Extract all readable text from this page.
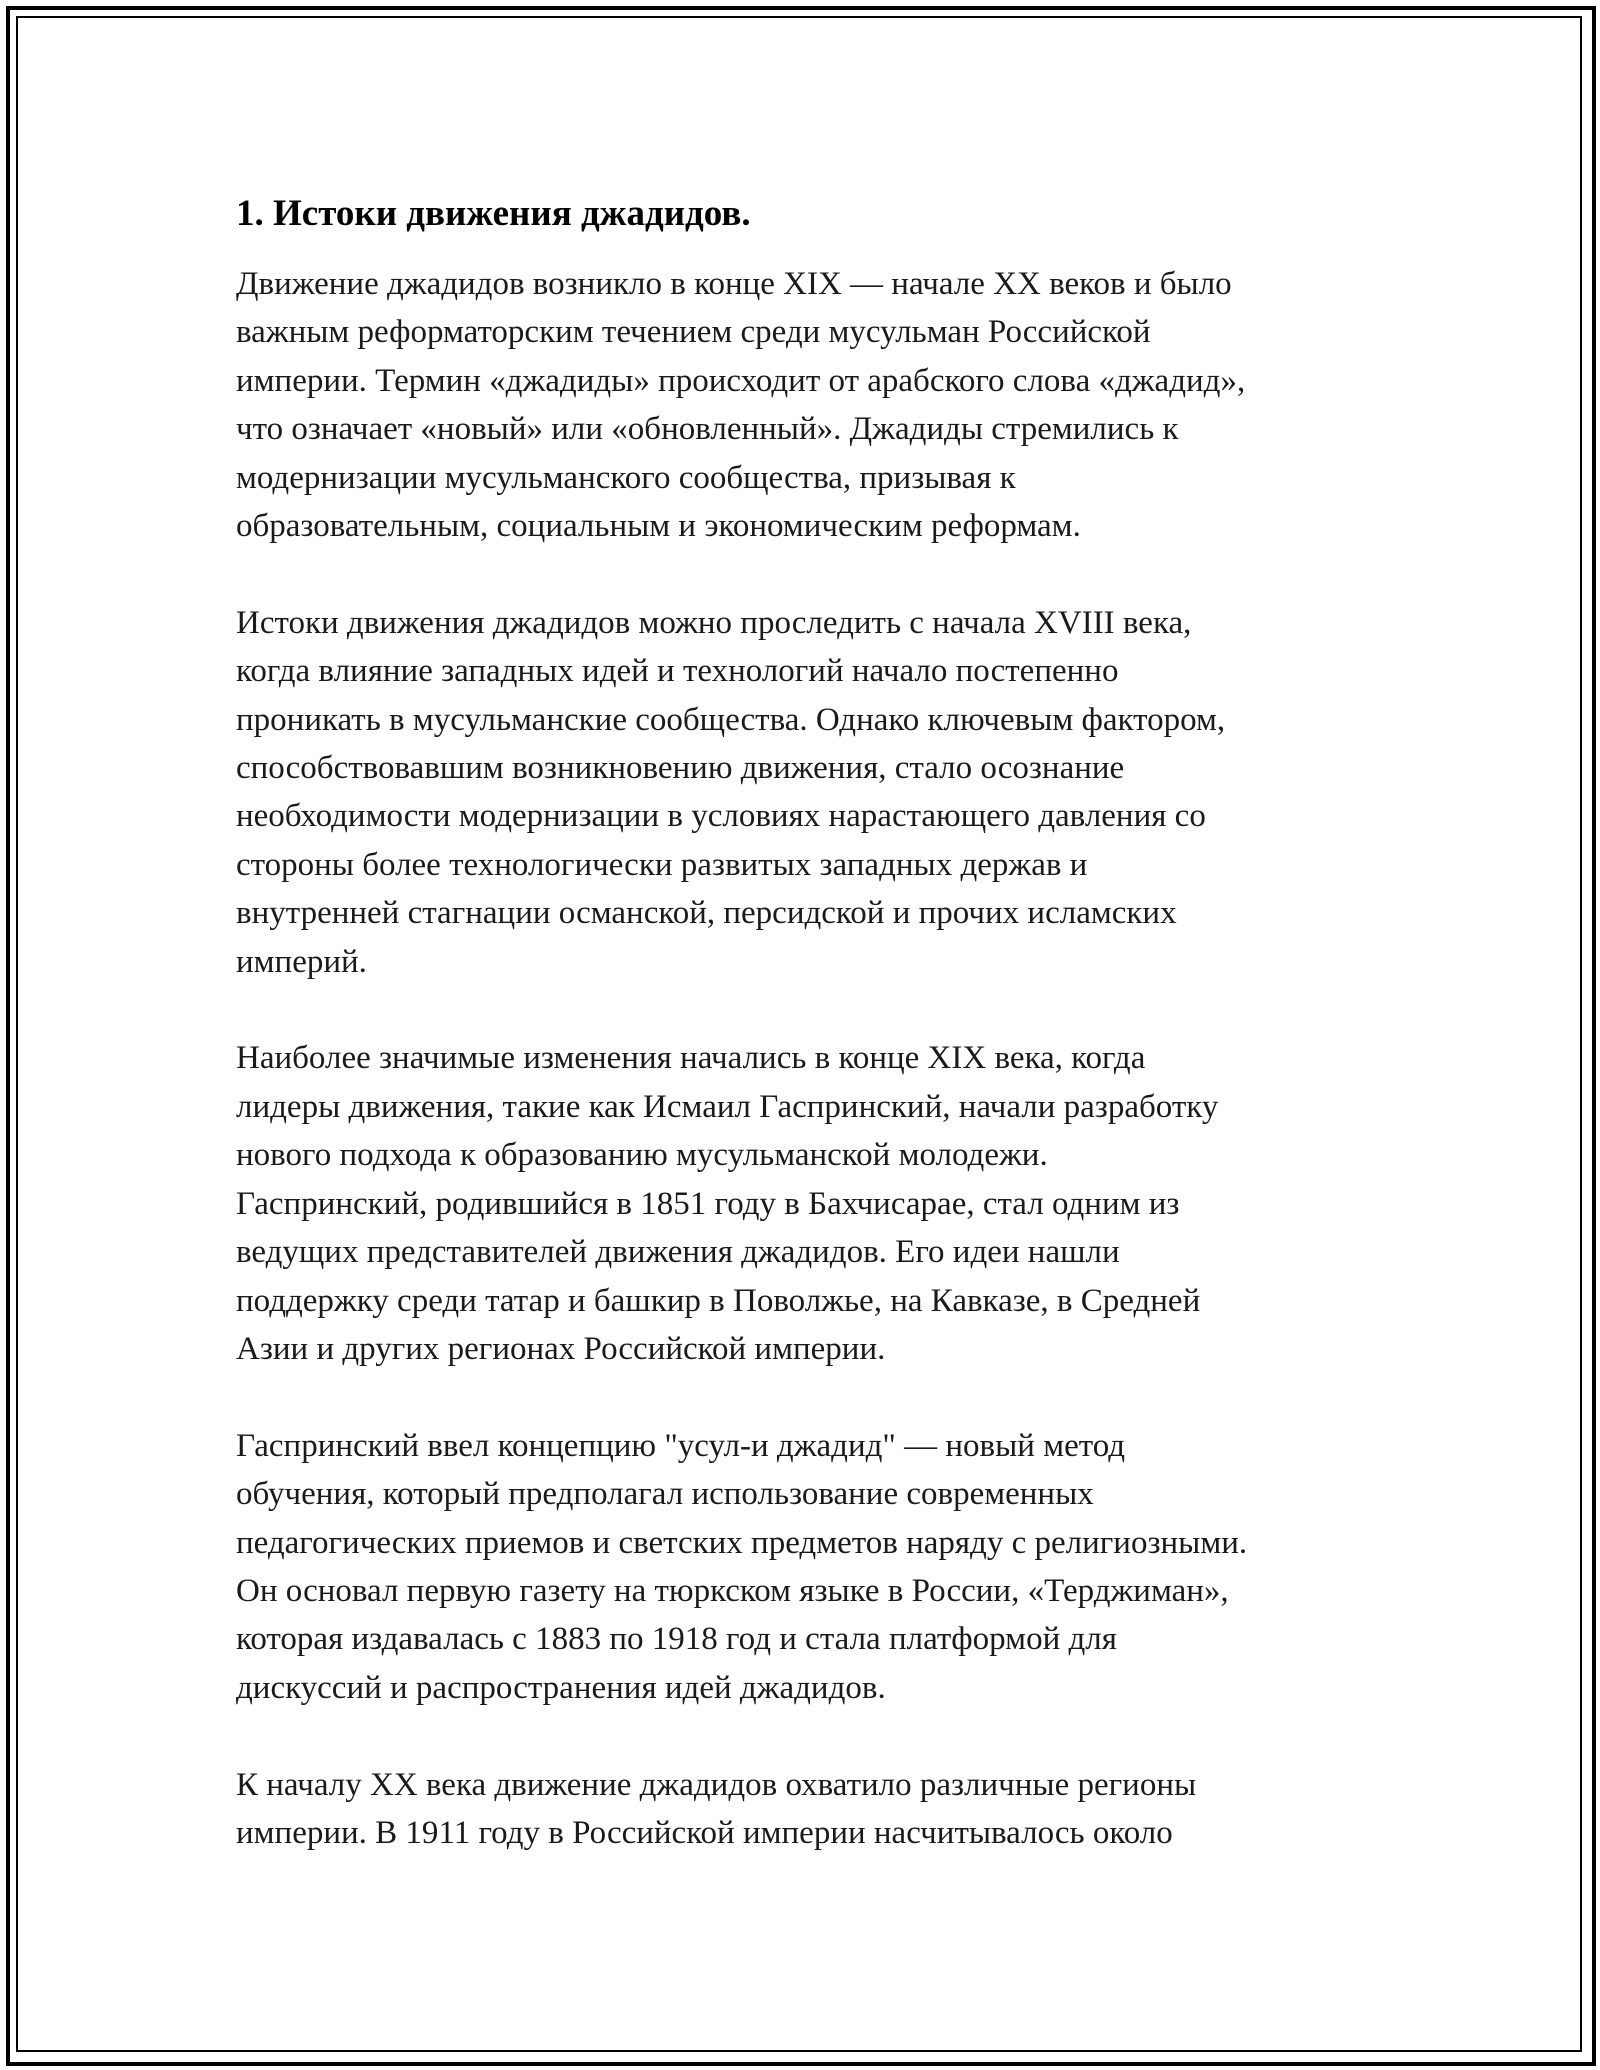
1. Истоки движения джадидов.
Движение джадидов возникло в конце XIX — начале XX веков и было
важным реформаторским течением среди мусульман Российской
империи. Термин «джадиды» происходит от арабского слова «джадид»,
что означает «новый» или «обновленный». Джадиды стремились к
модернизации мусульманского сообщества, призывая к
образовательным, социальным и экономическим реформам.
Истоки движения джадидов можно проследить с начала XVIII века,
когда влияние западных идей и технологий начало постепенно
проникать в мусульманские сообщества. Однако ключевым фактором,
способствовавшим возникновению движения, стало осознание
необходимости модернизации в условиях нарастающего давления со
стороны более технологически развитых западных держав и
внутренней стагнации османской, персидской и прочих исламских
империй.
Наиболее значимые изменения начались в конце XIX века, когда
лидеры движения, такие как Исмаил Гаспринский, начали разработку
нового подхода к образованию мусульманской молодежи.
Гаспринский, родившийся в 1851 году в Бахчисарае, стал одним из
ведущих представителей движения джадидов. Его идеи нашли
поддержку среди татар и башкир в Поволжье, на Кавказе, в Средней
Азии и других регионах Российской империи.
Гаспринский ввел концепцию "усул-и джадид" — новый метод
обучения, который предполагал использование современных
педагогических приемов и светских предметов наряду с религиозными.
Он основал первую газету на тюркском языке в России, «Терджиман»,
которая издавалась с 1883 по 1918 год и стала платформой для
дискуссий и распространения идей джадидов.
К началу XX века движение джадидов охватило различные регионы
империи. В 1911 году в Российской империи насчитывалось около
